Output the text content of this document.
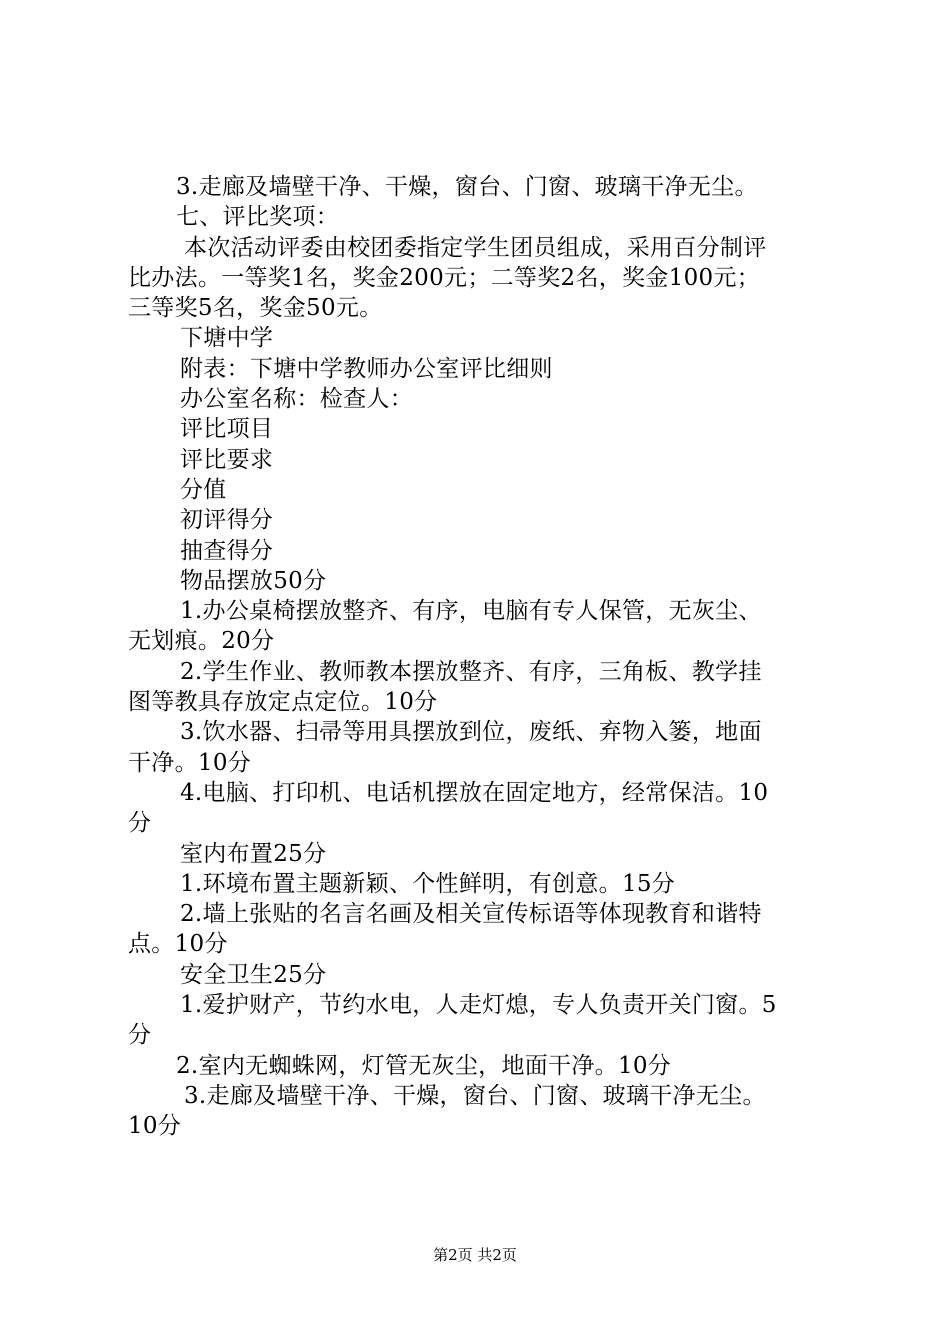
3.走廊及墙壁干净、干燥，窗台、门窗、玻璃干净无尘。
七、评比奖项：
本次活动评委由校团委指定学生团员组成，采用百分制评
比办法。一等奖1名，奖金200元；二等奖2名，奖金100元；
三等奖5名，奖金50元。
下塘中学
附表：下塘中学教师办公室评比细则
办公室名称：检查人：
评比项目
评比要求
分值
初评得分
抽查得分
物品摆放50分
1.办公桌椅摆放整齐、有序，电脑有专人保管，无灰尘、
无划痕。20分
2.学生作业、教师教本摆放整齐、有序，三角板、教学挂
图等教具存放定点定位。10分
3.饮水器、扫帚等用具摆放到位，废纸、弃物入篓，地面
干净。10分
4.电脑、打印机、电话机摆放在固定地方，经常保洁。10
分
室内布置25分
1.环境布置主题新颖、个性鲜明，有创意。15分
2.墙上张贴的名言名画及相关宣传标语等体现教育和谐特
点。10分
安全卫生25分
1.爱护财产，节约水电，人走灯熄，专人负责开关门窗。5
分
2.室内无蜘蛛网，灯管无灰尘，地面干净。10分
3.走廊及墙壁干净、干燥，窗台、门窗、玻璃干净无尘。
10分
第2页 共2页
